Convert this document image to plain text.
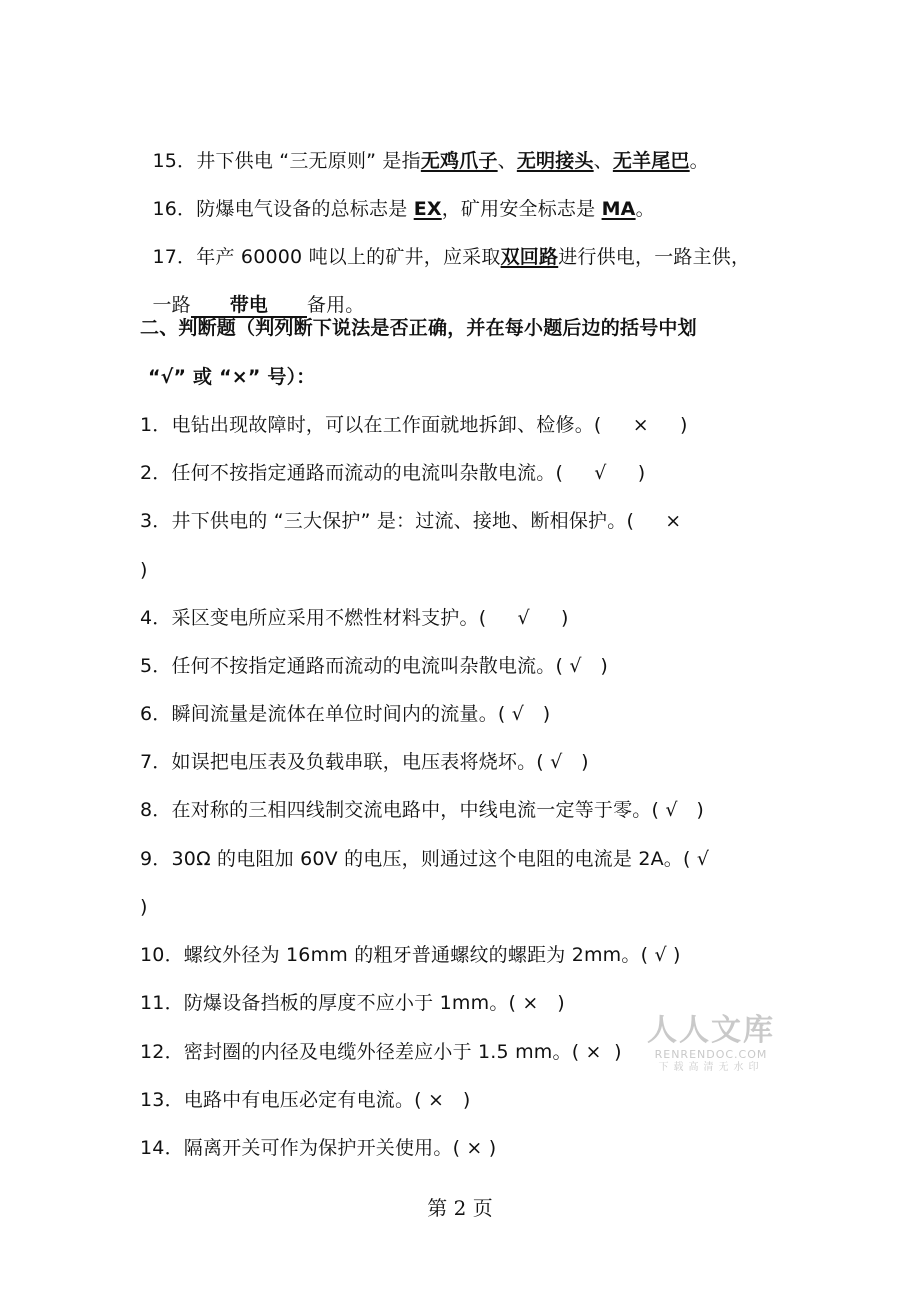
15．井下供电 “三无原则” 是指无鸡爪子、无明接头、无羊尾巴。

16．防爆电气设备的总标志是 EX，矿用安全标志是 MA。

17．年产 60000 吨以上的矿井，应采取双回路进行供电，一路主供，

一路 带电 备用。

二、判断题（判列断下说法是否正确，并在每小题后边的括号中划
“√” 或 “×” 号）：
1．电钻出现故障时，可以在工作面就地拆卸、检修。(     ×     )
2．任何不按指定通路而流动的电流叫杂散电流。(     √     )
3．井下供电的 “三大保护” 是：过流、接地、断相保护。(     ×
)
4．采区变电所应采用不燃性材料支护。(     √     )
5．任何不按指定通路而流动的电流叫杂散电流。( √   )
6．瞬间流量是流体在单位时间内的流量。( √   )
7．如误把电压表及负载串联，电压表将烧坏。( √   )
8．在对称的三相四线制交流电路中，中线电流一定等于零。( √   )
9．30Ω 的电阻加 60V 的电压，则通过这个电阻的电流是 2A。( √
)
10．螺纹外径为 16mm 的粗牙普通螺纹的螺距为 2mm。( √ )
11．防爆设备挡板的厚度不应小于 1mm。( ×   )
12．密封圈的内径及电缆外径差应小于 1.5 mm。( ×  )
13．电路中有电压必定有电流。( ×   )
14．隔离开关可作为保护开关使用。( × )
人人文库
RENRENDOC.COM
下载高清无水印
第 2 页
